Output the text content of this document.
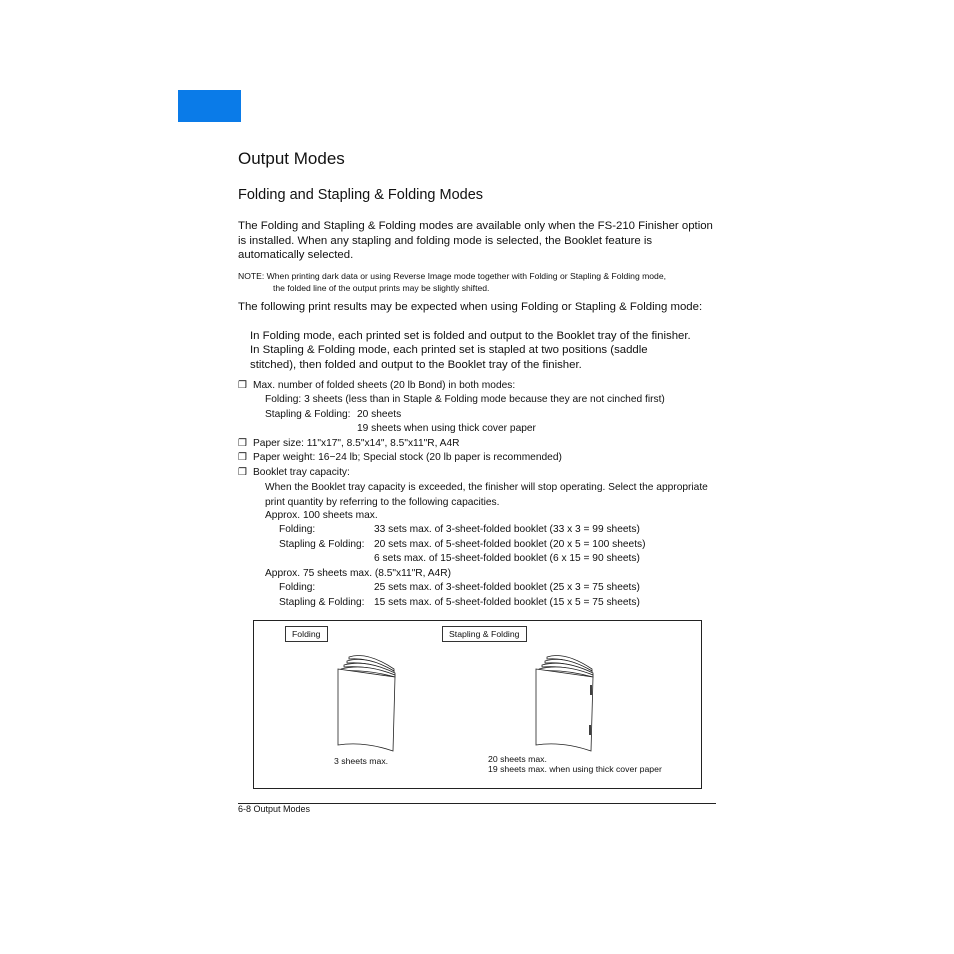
Output Modes
Folding and Stapling & Folding Modes
The Folding and Stapling & Folding modes are available only when the FS-210 Finisher option is installed. When any stapling and folding mode is selected, the Booklet feature is automatically selected.
NOTE: When printing dark data or using Reverse Image mode together with Folding or Stapling & Folding mode,
the folded line of the output prints may be slightly shifted.
The following print results may be expected when using Folding or Stapling & Folding mode:
In Folding mode, each printed set is folded and output to the Booklet tray of the finisher.
In Stapling & Folding mode, each printed set is stapled at two positions (saddle stitched), then folded and output to the Booklet tray of the finisher.
❒ Max. number of folded sheets (20 lb Bond) in both modes:
Folding: 3 sheets (less than in Staple & Folding mode because they are not cinched first)
Stapling & Folding: 20 sheets
19 sheets when using thick cover paper
❒ Paper size: 11"x17", 8.5"x14", 8.5"x11"R, A4R
❒ Paper weight: 16−24 lb; Special stock (20 lb paper is recommended)
❒ Booklet tray capacity:
When the Booklet tray capacity is exceeded, the finisher will stop operating. Select the appropriate print quantity by referring to the following capacities.
Approx. 100 sheets max.
Folding:	33 sets max. of 3-sheet-folded booklet (33 x 3 = 99 sheets)
Stapling & Folding: 20 sets max. of 5-sheet-folded booklet (20 x 5 = 100 sheets)
6 sets max. of 15-sheet-folded booklet (6 x 15 = 90 sheets)
Approx. 75 sheets max. (8.5"x11"R, A4R)
Folding:	25 sets max. of 3-sheet-folded booklet (25 x 3 = 75 sheets)
Stapling & Folding: 15 sets max. of 5-sheet-folded booklet (15 x 5 = 75 sheets)
Folding	Stapling & Folding
3 sheets max.	20 sheets max.
19 sheets max. when using thick cover paper
6-8 Output Modes
